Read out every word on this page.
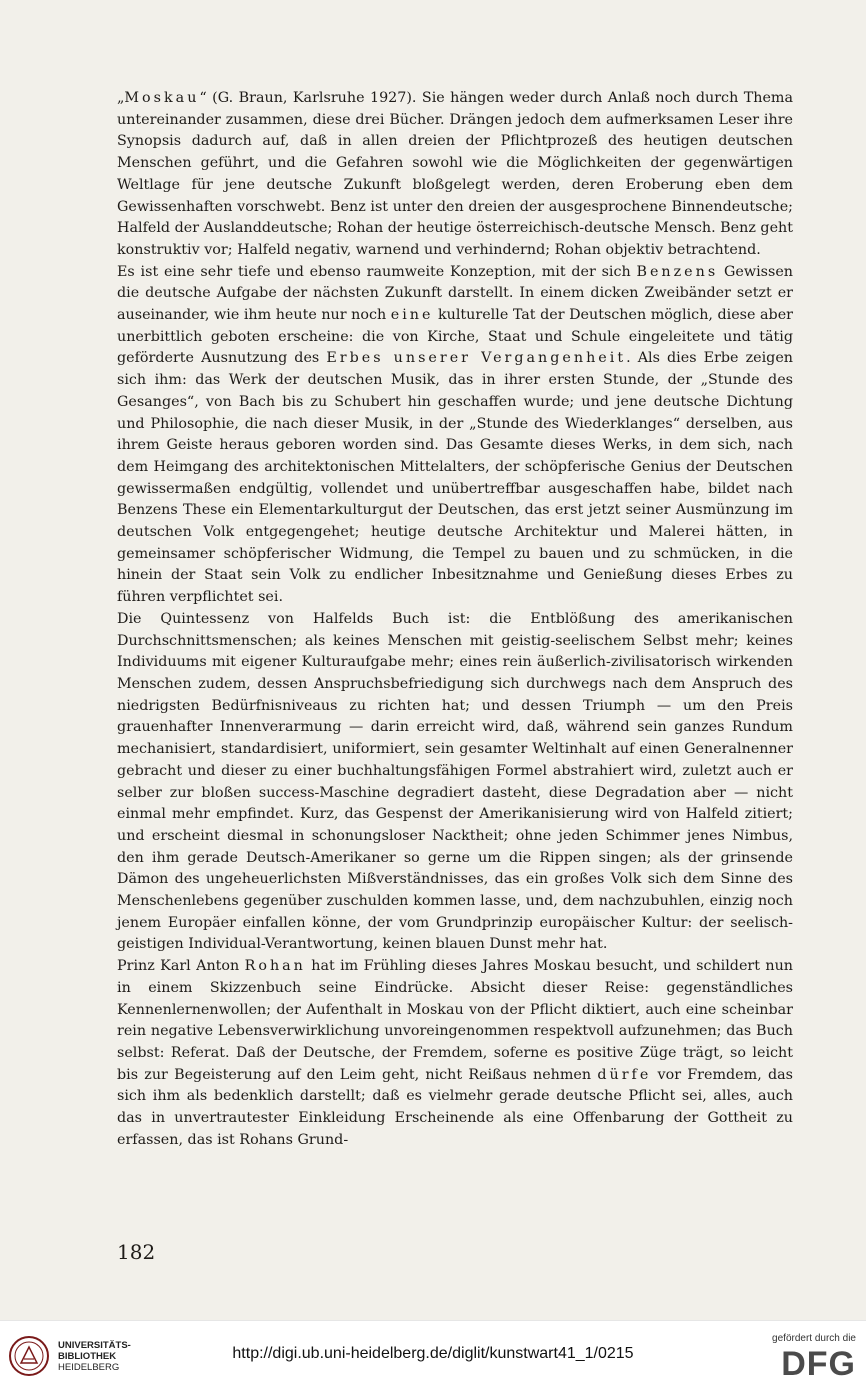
„Moskau“ (G. Braun, Karlsruhe 1927). Sie hängen weder durch Anlaß noch durch Thema untereinander zusammen, diese drei Bücher. Drängen jedoch dem aufmerksamen Leser ihre Synopsis dadurch auf, daß in allen dreien der Pflichtprozeß des heutigen deutschen Menschen geführt, und die Gefahren sowohl wie die Möglichkeiten der gegenwärtigen Weltlage für jene deutsche Zukunft bloßgelegt werden, deren Eroberung eben dem Gewissenhaften vorschwebt. Benz ist unter den dreien der ausgesprochene Binnendeutsche; Halfeld der Auslanddeutsche; Rohan der heutige österreichisch-deutsche Mensch. Benz geht konstruktiv vor; Halfeld negativ, warnend und verhindernd; Rohan objektiv betrachtend.

Es ist eine sehr tiefe und ebenso raumweite Konzeption, mit der sich Benzens Gewissen die deutsche Aufgabe der nächsten Zukunft darstellt. In einem dicken Zweibänder setzt er auseinander, wie ihm heute nur noch eine kulturelle Tat der Deutschen möglich, diese aber unerbittlich geboten erscheine: die von Kirche, Staat und Schule eingeleitete und tätig geförderte Ausnutzung des Erbes unserer Vergangenheit. Als dies Erbe zeigen sich ihm: das Werk der deutschen Musik, das in ihrer ersten Stunde, der „Stunde des Gesanges“, von Bach bis zu Schubert hin geschaffen wurde; und jene deutsche Dichtung und Philosophie, die nach dieser Musik, in der „Stunde des Wiederklanges“ derselben, aus ihrem Geiste heraus geboren worden sind. Das Gesamte dieses Werks, in dem sich, nach dem Heimgang des architektonischen Mittelalters, der schöpferische Genius der Deutschen gewissermaßen endgültig, vollendet und unübertreffbar ausgeschaffen habe, bildet nach Benzens These ein Elementarkulturgut der Deutschen, das erst jetzt seiner Ausmünzung im deutschen Volk entgegengehet; heutige deutsche Architektur und Malerei hätten, in gemeinsamer schöpferischer Widmung, die Tempel zu bauen und zu schmücken, in die hinein der Staat sein Volk zu endlicher Inbesitznahme und Genießung dieses Erbes zu führen verpflichtet sei.

Die Quintessenz von Halfelds Buch ist: die Entblößung des amerikanischen Durchschnittsmenschen; als keines Menschen mit geistig-seelischem Selbst mehr; keines Individuums mit eigener Kulturaufgabe mehr; eines rein äußerlich-zivilisatorisch wirkenden Menschen zudem, dessen Anspruchsbefriedigung sich durchwegs nach dem Anspruch des niedrigsten Bedürfnisniveaus zu richten hat; und dessen Triumph — um den Preis grauenhafter Innenverarmung — darin erreicht wird, daß, während sein ganzes Rundum mechanisiert, standardisiert, uniformiert, sein gesamter Weltinhalt auf einen Generalnenner gebracht und dieser zu einer buchhaltungsfähigen Formel abstrahiert wird, zuletzt auch er selber zur bloßen success-Maschine degradiert dasteht, diese Degradation aber — nicht einmal mehr empfindet. Kurz, das Gespenst der Amerikanisierung wird von Halfeld zitiert; und erscheint diesmal in schonungsloser Nacktheit; ohne jeden Schimmer jenes Nimbus, den ihm gerade Deutsch-Amerikaner so gerne um die Rippen singen; als der grinsende Dämon des ungeheuerlichsten Mißverständnisses, das ein großes Volk sich dem Sinne des Menschenlebens gegenüber zuschulden kommen lasse, und, dem nachzubuhlen, einzig noch jenem Europäer einfallen könne, der vom Grundprinzip europäischer Kultur: der seelisch-geistigen Individual-Verantwortung, keinen blauen Dunst mehr hat.

Prinz Karl Anton Rohan hat im Frühling dieses Jahres Moskau besucht, und schildert nun in einem Skizzenbuch seine Eindrücke. Absicht dieser Reise: gegenständliches Kennenlernenwollen; der Aufenthalt in Moskau von der Pflicht diktiert, auch eine scheinbar rein negative Lebensverwirklichung unvoreingenommen respektvoll aufzunehmen; das Buch selbst: Referat. Daß der Deutsche, der Fremdem, soferne es positive Züge trägt, so leicht bis zur Begeisterung auf den Leim geht, nicht Reißaus nehmen dürfe vor Fremdem, das sich ihm als bedenklich darstellt; daß es vielmehr gerade deutsche Pflicht sei, alles, auch das in unvertrautester Einkleidung Erscheinende als eine Offenbarung der Gottheit zu erfassen, das ist Rohans Grund-

182
UNIVERSITÄTS-
BIBLIOTHEK
HEIDELBERG
http://digi.ub.uni-heidelberg.de/diglit/kunstwart41_1/0215
gefördert durch die
DFG
